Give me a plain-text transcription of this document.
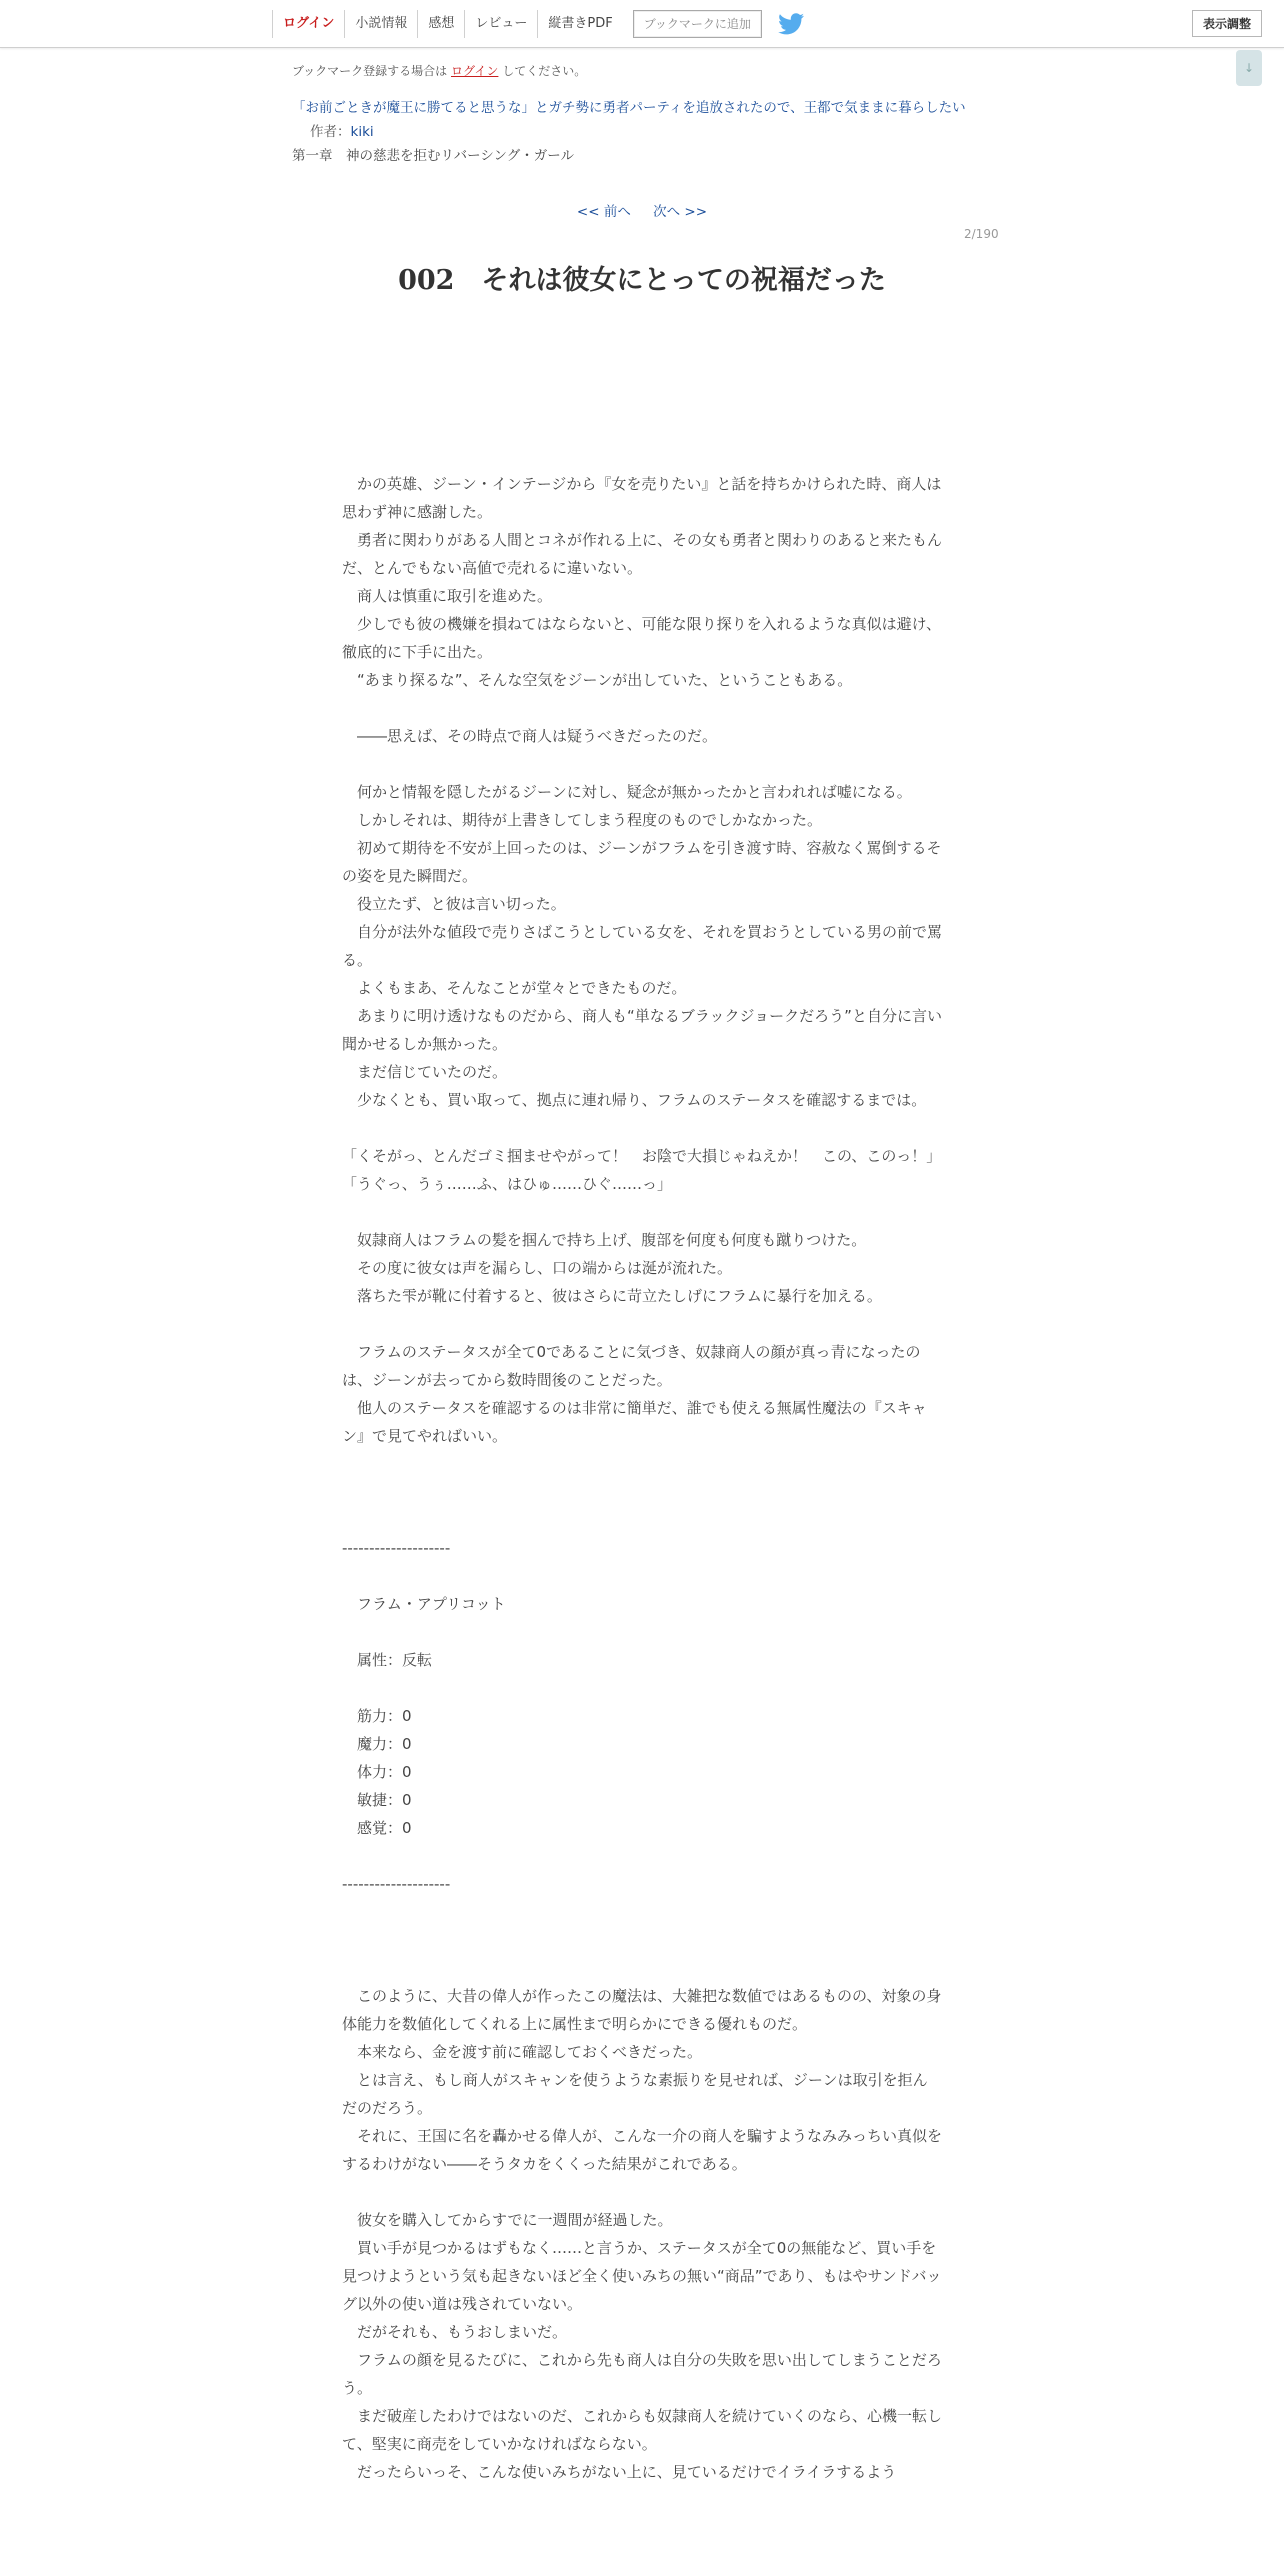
ログイン	小説情報	感想	レビュー	縦書きPDF	ブックマークに追加	表示調整
↓
ブックマーク登録する場合は ログイン してください。
「お前ごときが魔王に勝てると思うな」とガチ勢に勇者パーティを追放されたので、王都で気ままに暮らしたい作者：kiki
第一章　神の慈悲を拒むリバーシング・ガール
<< 前へ 次へ >>
2/190
002　それは彼女にとっての祝福だった

　かの英雄、ジーン・インテージから『女を売りたい』と話を持ちかけられた時、商人は思わず神に感謝した。

　勇者に関わりがある人間とコネが作れる上に、その女も勇者と関わりのあると来たもんだ、とんでもない高値で売れるに違いない。

　商人は慎重に取引を進めた。

　少しでも彼の機嫌を損ねてはならないと、可能な限り探りを入れるような真似は避け、徹底的に下手に出た。

　“あまり探るな”、そんな空気をジーンが出していた、ということもある。

　――思えば、その時点で商人は疑うべきだったのだ。

　何かと情報を隠したがるジーンに対し、疑念が無かったかと言われれば嘘になる。

　しかしそれは、期待が上書きしてしまう程度のものでしかなかった。

　初めて期待を不安が上回ったのは、ジーンがフラムを引き渡す時、容赦なく罵倒するその姿を見た瞬間だ。

　役立たず、と彼は言い切った。

　自分が法外な値段で売りさばこうとしている女を、それを買おうとしている男の前で罵る。

　よくもまあ、そんなことが堂々とできたものだ。

　あまりに明け透けなものだから、商人も“単なるブラックジョークだろう”と自分に言い聞かせるしか無かった。

　まだ信じていたのだ。

　少なくとも、買い取って、拠点に連れ帰り、フラムのステータスを確認するまでは。

「くそがっ、とんだゴミ掴ませやがって！　お陰で大損じゃねえか！　この、このっ！」

「うぐっ、うぅ……ふ、はひゅ……ひぐ……っ」

　奴隷商人はフラムの髪を掴んで持ち上げ、腹部を何度も何度も蹴りつけた。

　その度に彼女は声を漏らし、口の端からは涎が流れた。

　落ちた雫が靴に付着すると、彼はさらに苛立たしげにフラムに暴行を加える。

　フラムのステータスが全て0であることに気づき、奴隷商人の顔が真っ青になったのは、ジーンが去ってから数時間後のことだった。

　他人のステータスを確認するのは非常に簡単だ、誰でも使える無属性魔法の『スキャン』で見てやればいい。

--------------------

　フラム・アプリコット

　属性：反転

　筋力：0

　魔力：0

　体力：0

　敏捷：0

　感覚：0

--------------------

　このように、大昔の偉人が作ったこの魔法は、大雑把な数値ではあるものの、対象の身体能力を数値化してくれる上に属性まで明らかにできる優れものだ。

　本来なら、金を渡す前に確認しておくべきだった。

　とは言え、もし商人がスキャンを使うような素振りを見せれば、ジーンは取引を拒んだのだろう。

　それに、王国に名を轟かせる偉人が、こんな一介の商人を騙すようなみみっちい真似をするわけがない――そうタカをくくった結果がこれである。

　彼女を購入してからすでに一週間が経過した。

　買い手が見つかるはずもなく……と言うか、ステータスが全て0の無能など、買い手を見つけようという気も起きないほど全く使いみちの無い“商品”であり、もはやサンドバッグ以外の使い道は残されていない。

　だがそれも、もうおしまいだ。

　フラムの顔を見るたびに、これから先も商人は自分の失敗を思い出してしまうことだろう。

　まだ破産したわけではないのだ、これからも奴隷商人を続けていくのなら、心機一転して、堅実に商売をしていかなければならない。

　だったらいっそ、こんな使いみちがない上に、見ているだけでイライラするよう
